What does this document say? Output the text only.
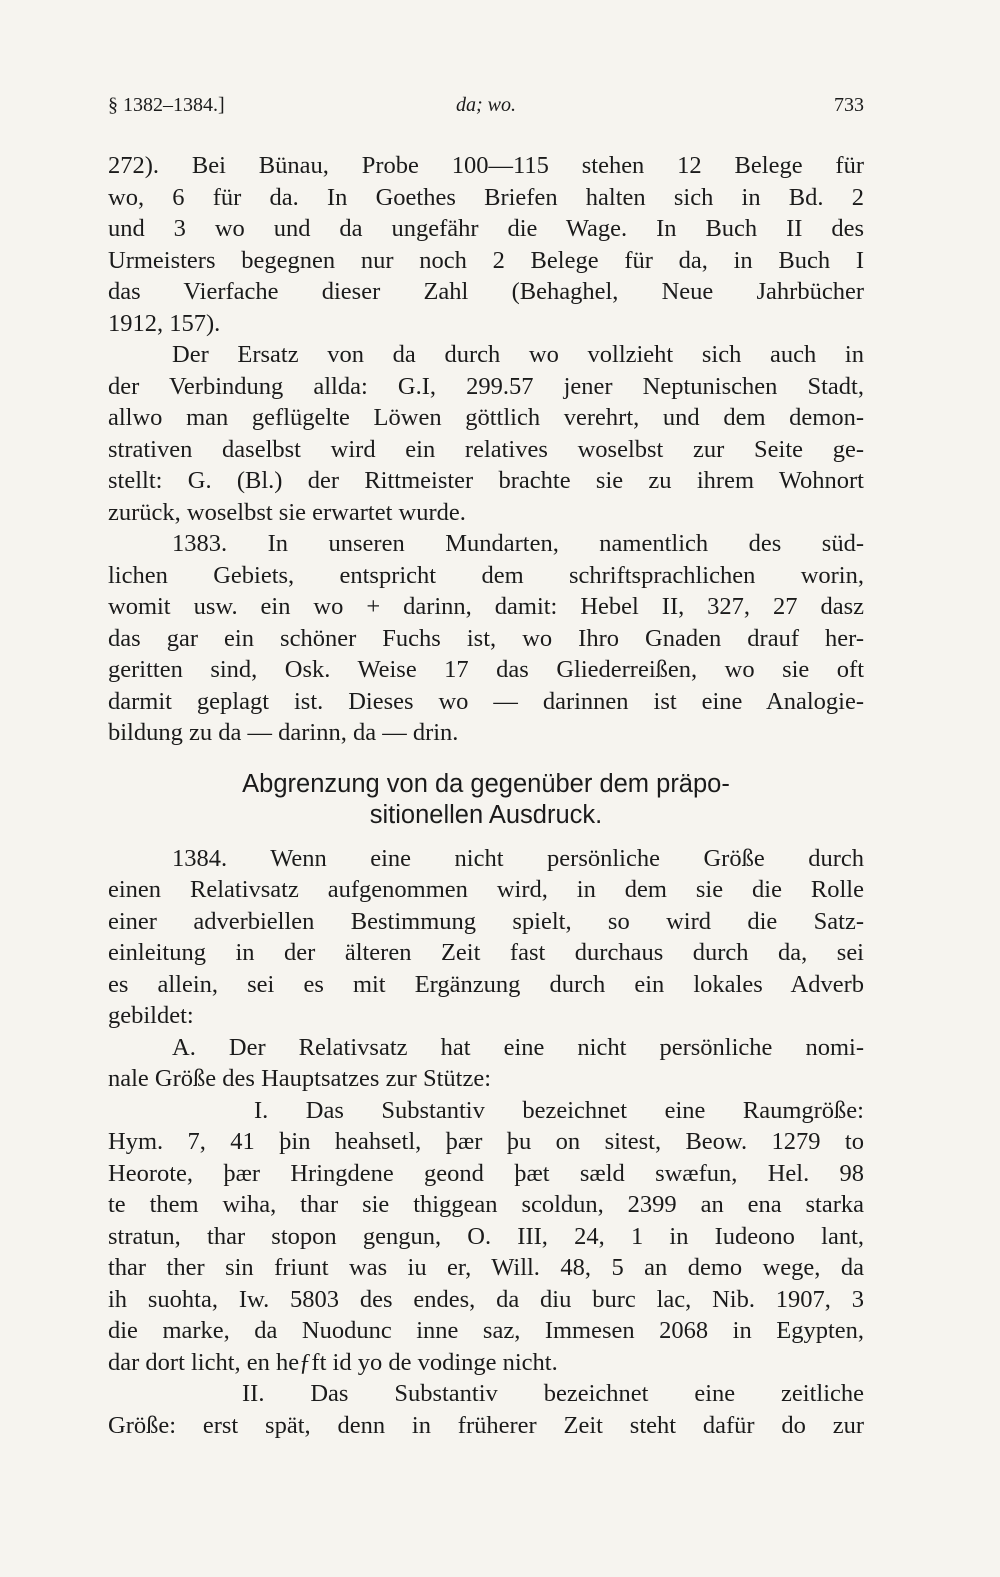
§ 1382–1384.]	da; wo.	733
272). Bei Bünau, Probe 100—115 stehen 12 Belege für
wo, 6 für da. In Goethes Briefen halten sich in Bd. 2
und 3 wo und da ungefähr die Wage. In Buch II des
Urmeisters begegnen nur noch 2 Belege für da, in Buch I
das Vierfache dieser Zahl (Behaghel, Neue Jahrbücher
1912, 157).
Der Ersatz von da durch wo vollzieht sich auch in
der Verbindung allda: G.I, 299.57 jener Neptunischen Stadt,
allwo man geflügelte Löwen göttlich verehrt, und dem demon-
strativen daselbst wird ein relatives woselbst zur Seite ge-
stellt: G. (Bl.) der Rittmeister brachte sie zu ihrem Wohnort
zurück, woselbst sie erwartet wurde.
1383. In unseren Mundarten, namentlich des süd-
lichen Gebiets, entspricht dem schriftsprachlichen worin,
womit usw. ein wo + darinn, damit: Hebel II, 327, 27 dasz
das gar ein schöner Fuchs ist, wo Ihro Gnaden drauf her-
geritten sind, Osk. Weise 17 das Gliederreißen, wo sie oft
darmit geplagt ist. Dieses wo — darinnen ist eine Analogie-
bildung zu da — darinn, da — drin.
Abgrenzung von da gegenüber dem präpo-
sitionellen Ausdruck.
1384. Wenn eine nicht persönliche Größe durch
einen Relativsatz aufgenommen wird, in dem sie die Rolle
einer adverbiellen Bestimmung spielt, so wird die Satz-
einleitung in der älteren Zeit fast durchaus durch da, sei
es allein, sei es mit Ergänzung durch ein lokales Adverb
gebildet:
A. Der Relativsatz hat eine nicht persönliche nomi-
nale Größe des Hauptsatzes zur Stütze:
I. Das Substantiv bezeichnet eine Raumgröße:
Hym. 7, 41 þin heahsetl, þær þu on sitest, Beow. 1279 to
Heorote, þær Hringdene geond þæt sæld swæfun, Hel. 98
te them wiha, thar sie thiggean scoldun, 2399 an ena starka
stratun, thar stopon gengun, O. III, 24, 1 in Iudeono lant,
thar ther sin friunt was iu er, Will. 48, 5 an demo wege, da
ih suohta, Iw. 5803 des endes, da diu burc lac, Nib. 1907, 3
die marke, da Nuodunc inne saz, Immesen 2068 in Egypten,
dar dort licht, en heƒft id yo de vodinge nicht.
II. Das Substantiv bezeichnet eine zeitliche
Größe: erst spät, denn in früherer Zeit steht dafür do zur
